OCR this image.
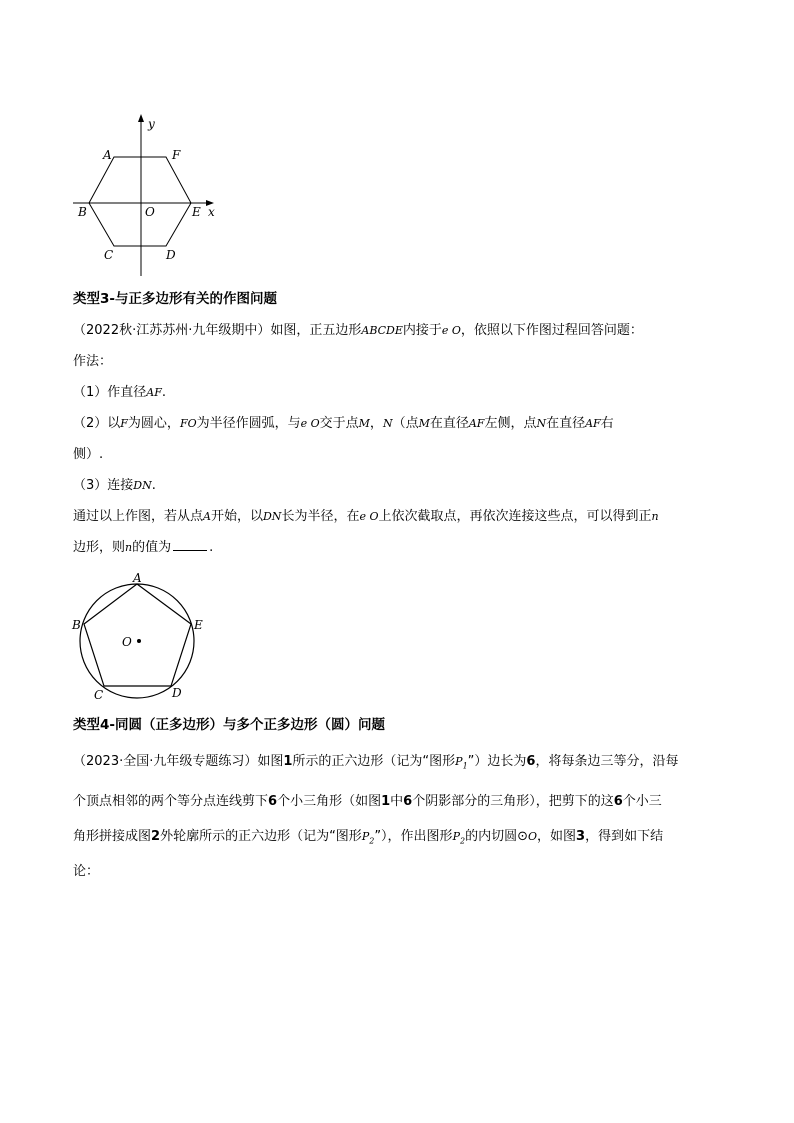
y
x
A	F
B	O	E
C	D
类型3-与正多边形有关的作图问题
（2022秋·江苏苏州·九年级期中）如图，正五边形ABCDE内接于e O，依照以下作图过程回答问题：
作法：
（1）作直径AF.
（2）以F为圆心，FO为半径作圆弧，与e O交于点M，N（点M在直径AF左侧，点N在直径AF右
侧）.
（3）连接DN.
通过以上作图，若从点A开始，以DN长为半径，在e O上依次截取点，再依次连接这些点，可以得到正n
边形，则n的值为	.
A
B	E
O
C	D
类型4-同圆（正多边形）与多个正多边形（圆）问题
（2023·全国·九年级专题练习）如图1所示的正六边形（记为“图形$P_1$”）边长为6，将每条边三等分，沿每
个顶点相邻的两个等分点连线剪下6个小三角形（如图1中6个阴影部分的三角形），把剪下的这6个小三
角形拼接成图2外轮廓所示的正六边形（记为“图形$P_2$”），作出图形$P_2$的内切圆⊙O，如图3，得到如下结
论：
